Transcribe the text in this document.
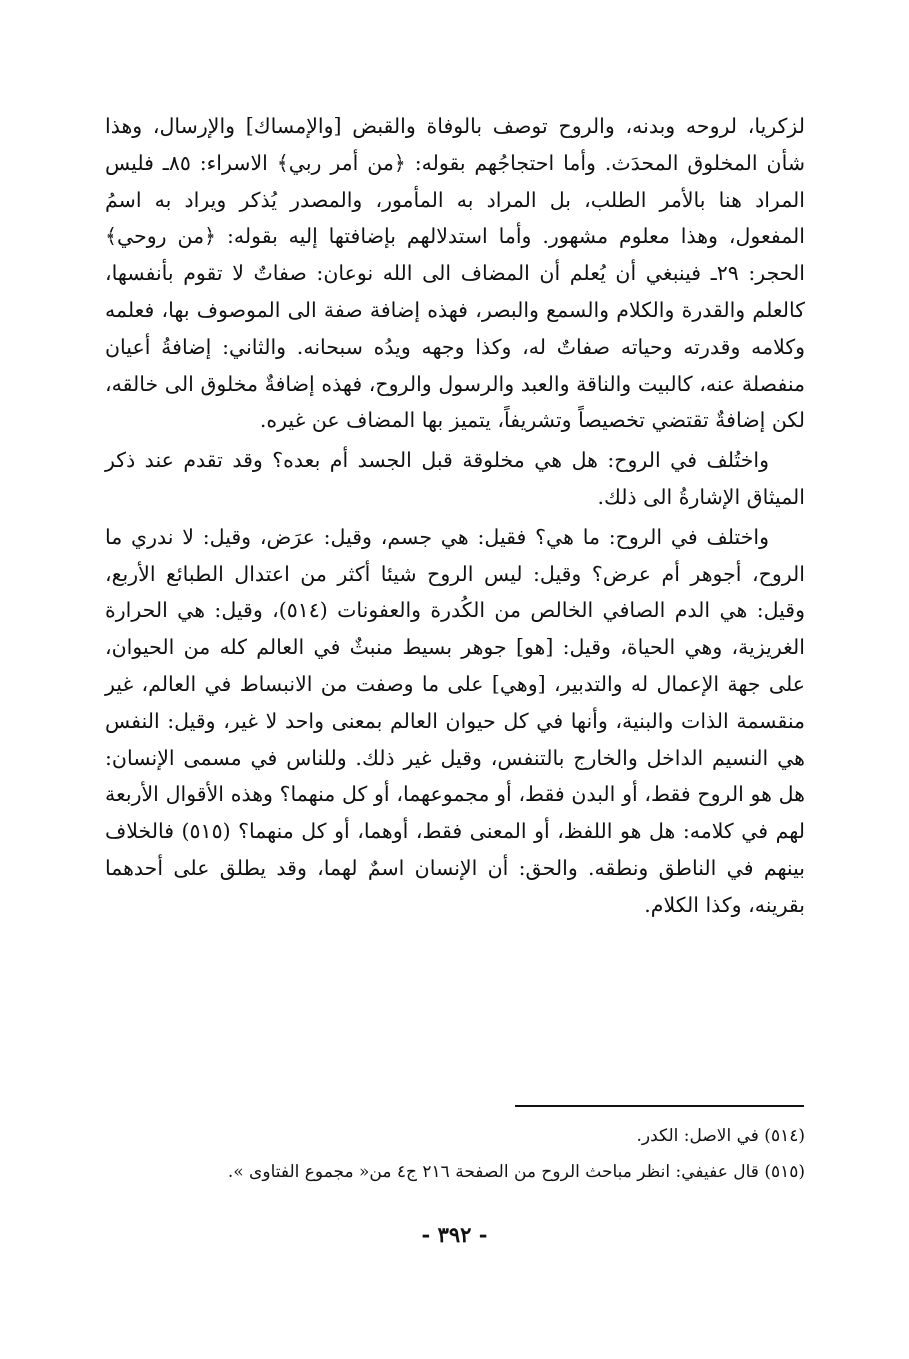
لزكريا، لروحه وبدنه، والروح توصف بالوفاة والقبض [والإمساك] والإرسال، وهذا شأن المخلوق المحدَث. وأما احتجاجُهم بقوله: ﴿من أمر ربي﴾ الاسراء: ٨٥ـ فليس المراد هنا بالأمر الطلب، بل المراد به المأمور، والمصدر يُذكر ويراد به اسمُ المفعول، وهذا معلوم مشهور. وأما استدلالهم بإضافتها إليه بقوله: ﴿من روحي﴾ الحجر: ٢٩ـ فينبغي أن يُعلم أن المضاف الى الله نوعان: صفاتٌ لا تقوم بأنفسها، كالعلم والقدرة والكلام والسمع والبصر، فهذه إضافة صفة الى الموصوف بها، فعلمه وكلامه وقدرته وحياته صفاتٌ له، وكذا وجهه ويدُه سبحانه. والثاني: إضافةُ أعيان منفصلة عنه، كالبيت والناقة والعبد والرسول والروح، فهذه إضافةٌ مخلوق الى خالقه، لكن إضافةٌ تقتضي تخصيصاً وتشريفاً، يتميز بها المضاف عن غيره.

واختُلف في الروح: هل هي مخلوقة قبل الجسد أم بعده؟ وقد تقدم عند ذكر الميثاق الإشارةُ الى ذلك.

واختلف في الروح: ما هي؟ فقيل: هي جسم، وقيل: عرَض، وقيل: لا ندري ما الروح، أجوهر أم عرض؟ وقيل: ليس الروح شيئا أكثر من اعتدال الطبائع الأربع، وقيل: هي الدم الصافي الخالص من الكُدرة والعفونات (٥١٤)، وقيل: هي الحرارة الغريزية، وهي الحياة، وقيل: [هو] جوهر بسيط منبثٌ في العالم كله من الحيوان، على جهة الإعمال له والتدبير، [وهي] على ما وصفت من الانبساط في العالم، غير منقسمة الذات والبنية، وأنها في كل حيوان العالم بمعنى واحد لا غير، وقيل: النفس هي النسيم الداخل والخارج بالتنفس، وقيل غير ذلك. وللناس في مسمى الإنسان: هل هو الروح فقط، أو البدن فقط، أو مجموعهما، أو كل منهما؟ وهذه الأقوال الأربعة لهم في كلامه: هل هو اللفظ، أو المعنى فقط، أوهما، أو كل منهما؟ (٥١٥) فالخلاف بينهم في الناطق ونطقه. والحق: أن الإنسان اسمٌ لهما، وقد يطلق على أحدهما بقرينه، وكذا الكلام.

(٥١٤) في الاصل: الكدر.

(٥١٥) قال عفيفي: انظر مباحث الروح من الصفحة ٢١٦ ج٤ من« مجموع الفتاوى ».

- ٣٩٢ -
